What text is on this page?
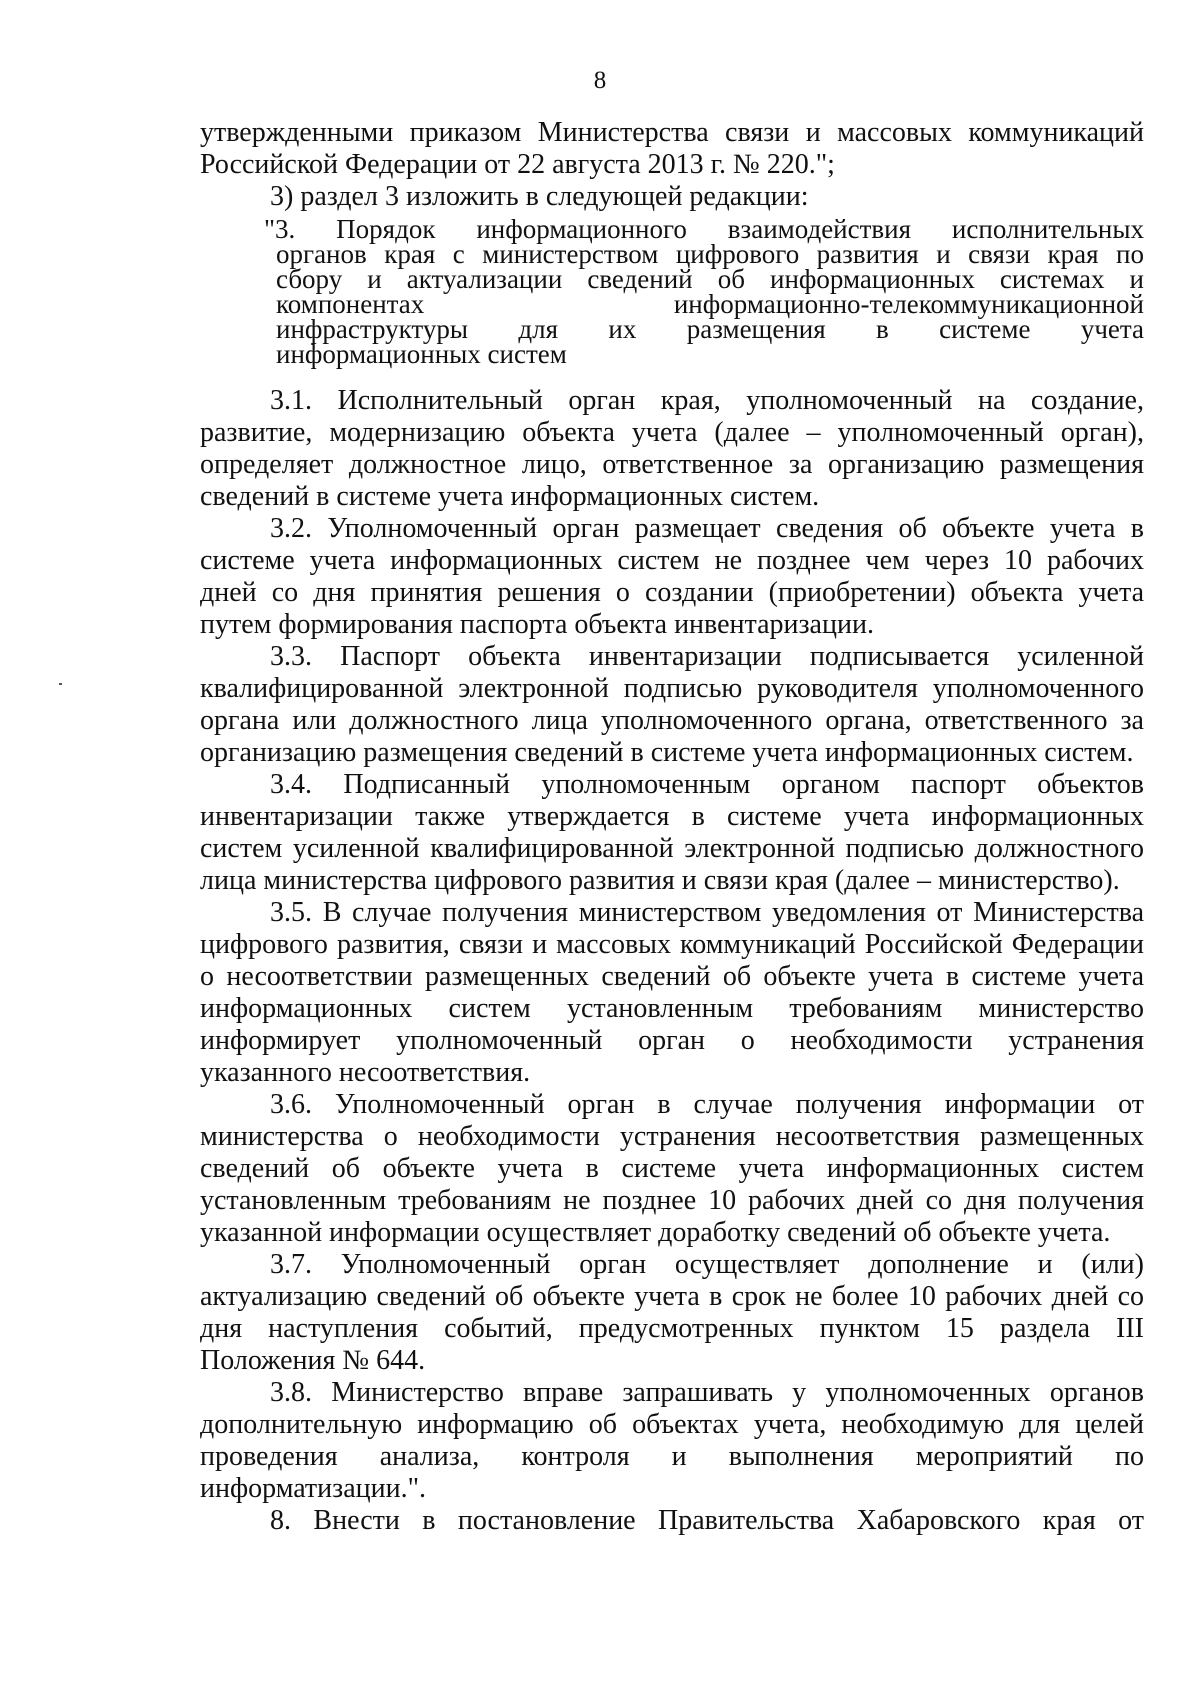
8
утвержденными приказом Министерства связи и массовых коммуникаций
Российской Федерации от 22 августа 2013 г. № 220.";
3) раздел 3 изложить в следующей редакции:
"3. Порядок информационного взаимодействия исполнительных
органов края с министерством цифрового развития и связи края по
сбору и актуализации сведений об информационных системах и
компонентах информационно-телекоммуникационной
инфраструктуры для их размещения в системе учета
информационных систем
3.1. Исполнительный орган края, уполномоченный на создание,
развитие, модернизацию объекта учета (далее – уполномоченный орган),
определяет должностное лицо, ответственное за организацию размещения
сведений в системе учета информационных систем.
3.2. Уполномоченный орган размещает сведения об объекте учета в
системе учета информационных систем не позднее чем через 10 рабочих
дней со дня принятия решения о создании (приобретении) объекта учета
путем формирования паспорта объекта инвентаризации.
3.3. Паспорт объекта инвентаризации подписывается усиленной
квалифицированной электронной подписью руководителя уполномоченного
органа или должностного лица уполномоченного органа, ответственного за
организацию размещения сведений в системе учета информационных систем.
3.4. Подписанный уполномоченным органом паспорт объектов
инвентаризации также утверждается в системе учета информационных
систем усиленной квалифицированной электронной подписью должностного
лица министерства цифрового развития и связи края (далее – министерство).
3.5. В случае получения министерством уведомления от Министерства
цифрового развития, связи и массовых коммуникаций Российской Федерации
о несоответствии размещенных сведений об объекте учета в системе учета
информационных систем установленным требованиям министерство
информирует уполномоченный орган о необходимости устранения
указанного несоответствия.
3.6. Уполномоченный орган в случае получения информации от
министерства о необходимости устранения несоответствия размещенных
сведений об объекте учета в системе учета информационных систем
установленным требованиям не позднее 10 рабочих дней со дня получения
указанной информации осуществляет доработку сведений об объекте учета.
3.7. Уполномоченный орган осуществляет дополнение и (или)
актуализацию сведений об объекте учета в срок не более 10 рабочих дней со
дня наступления событий, предусмотренных пунктом 15 раздела III
Положения № 644.
3.8. Министерство вправе запрашивать у уполномоченных органов
дополнительную информацию об объектах учета, необходимую для целей
проведения анализа, контроля и выполнения мероприятий по
информатизации.".
8. Внести в постановление Правительства Хабаровского края от
